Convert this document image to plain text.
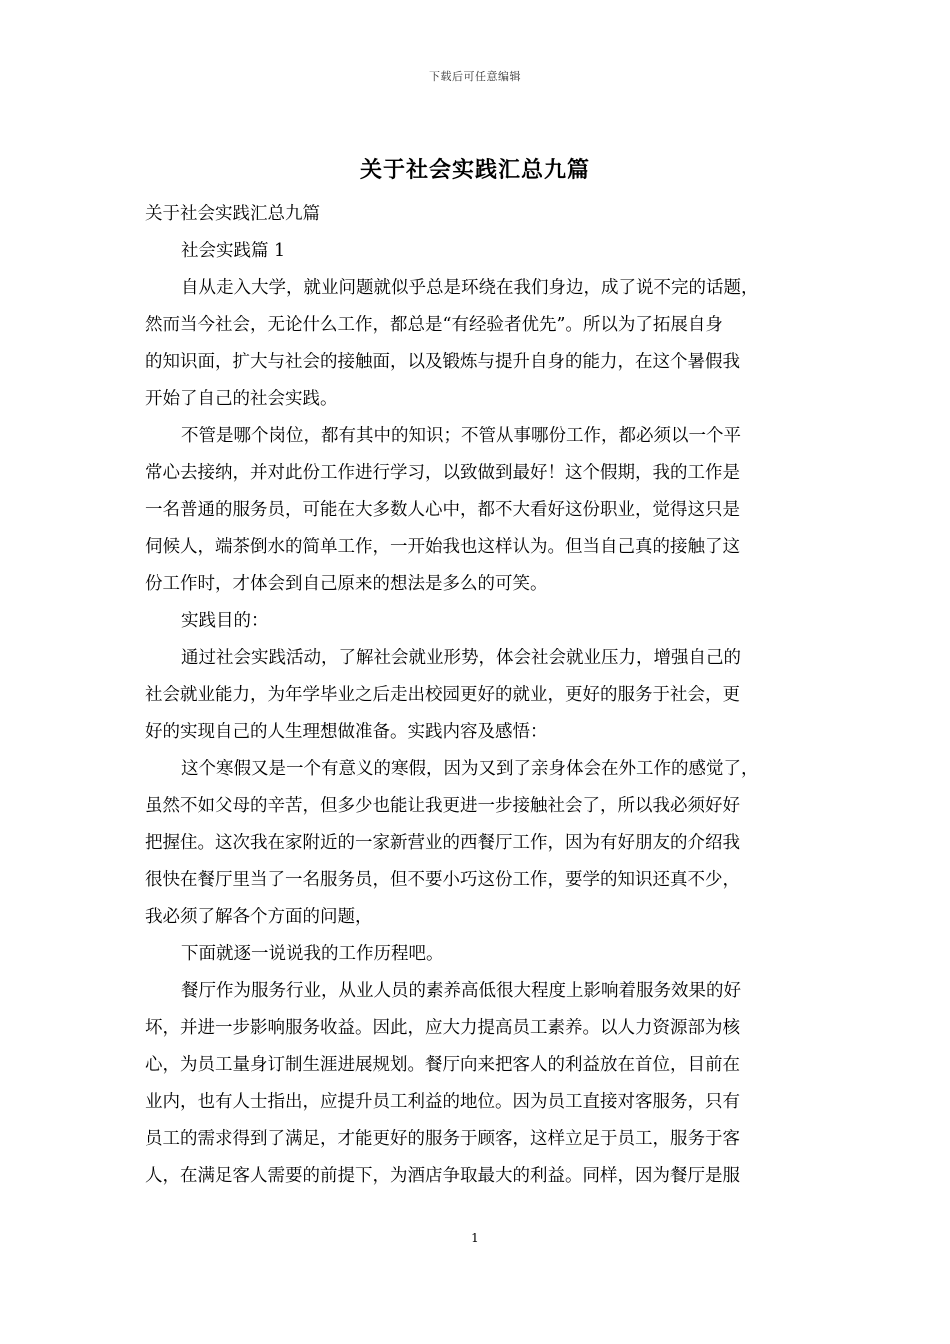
下载后可任意编辑
关于社会实践汇总九篇

关于社会实践汇总九篇

社会实践篇 1

自从走入大学，就业问题就似乎总是环绕在我们身边，成了说不完的话题，
然而当今社会，无论什么工作，都总是“有经验者优先”。所以为了拓展自身
的知识面，扩大与社会的接触面，以及锻炼与提升自身的能力，在这个暑假我
开始了自己的社会实践。

不管是哪个岗位，都有其中的知识；不管从事哪份工作，都必须以一个平
常心去接纳，并对此份工作进行学习，以致做到最好！这个假期，我的工作是
一名普通的服务员，可能在大多数人心中，都不大看好这份职业，觉得这只是
伺候人，端茶倒水的简单工作，一开始我也这样认为。但当自己真的接触了这
份工作时，才体会到自己原来的想法是多么的可笑。

实践目的：

通过社会实践活动，了解社会就业形势，体会社会就业压力，增强自己的
社会就业能力，为年学毕业之后走出校园更好的就业，更好的服务于社会，更
好的实现自己的人生理想做准备。实践内容及感悟：

这个寒假又是一个有意义的寒假，因为又到了亲身体会在外工作的感觉了，
虽然不如父母的辛苦，但多少也能让我更进一步接触社会了，所以我必须好好
把握住。这次我在家附近的一家新营业的西餐厅工作，因为有好朋友的介绍我
很快在餐厅里当了一名服务员，但不要小巧这份工作，要学的知识还真不少，
我必须了解各个方面的问题，

下面就逐一说说我的工作历程吧。

餐厅作为服务行业，从业人员的素养高低很大程度上影响着服务效果的好
坏，并进一步影响服务收益。因此，应大力提高员工素养。以人力资源部为核
心，为员工量身订制生涯进展规划。餐厅向来把客人的利益放在首位，目前在
业内，也有人士指出，应提升员工利益的地位。因为员工直接对客服务，只有
员工的需求得到了满足，才能更好的服务于顾客，这样立足于员工，服务于客
人，在满足客人需要的前提下，为酒店争取最大的利益。同样，因为餐厅是服

1
